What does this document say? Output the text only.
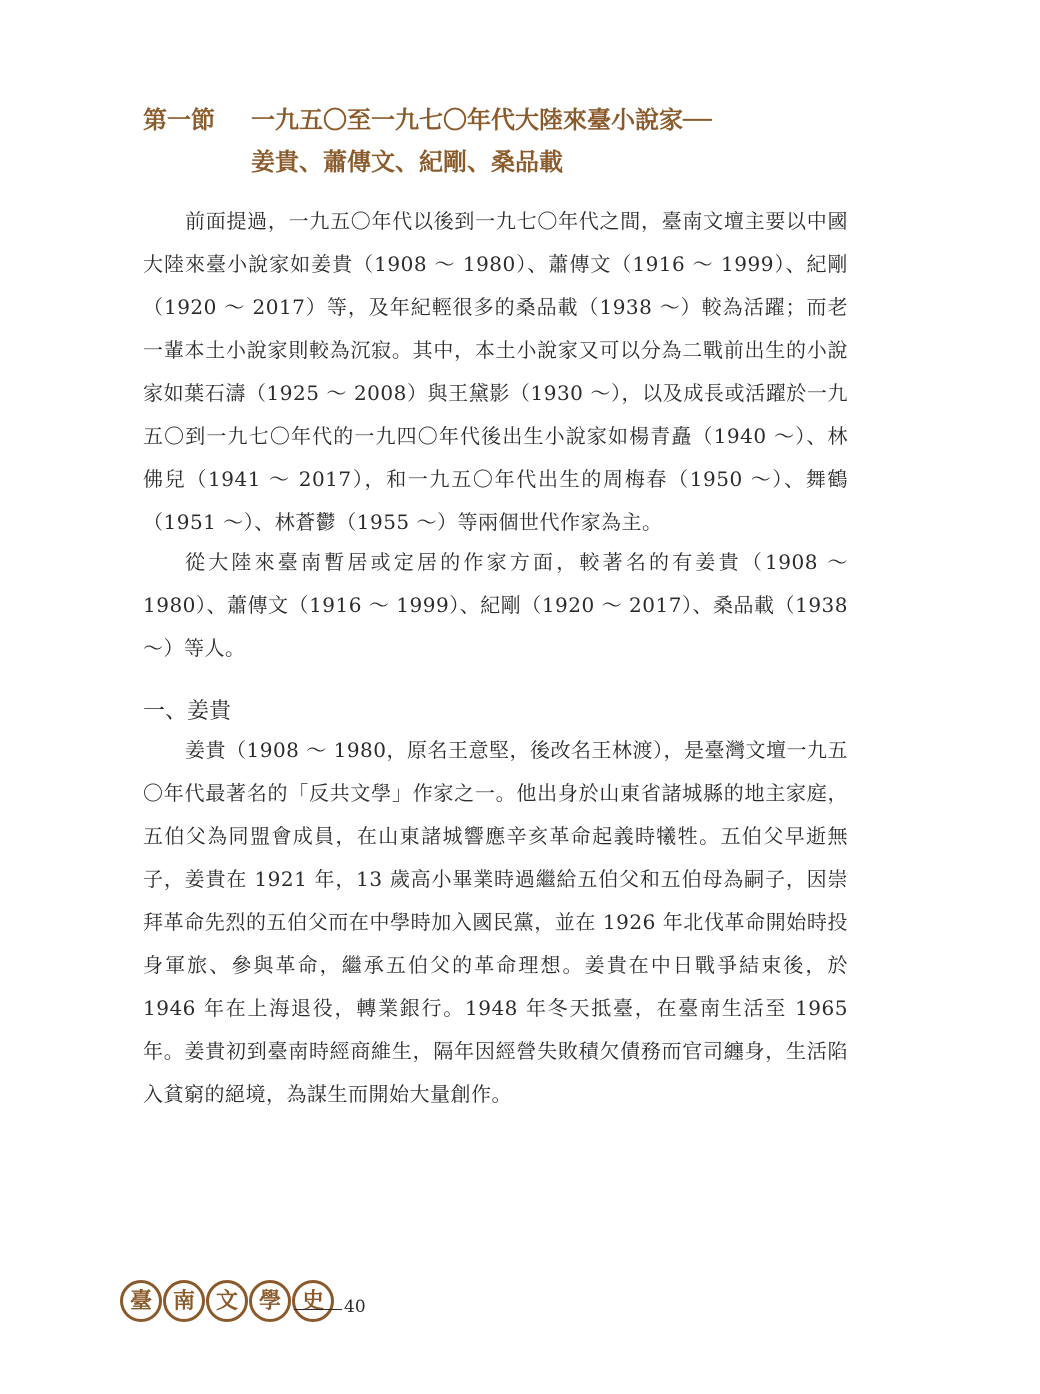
第一節	一九五〇至一九七〇年代大陸來臺小說家──
姜貴、蕭傳文、紀剛、桑品載

前面提過，一九五〇年代以後到一九七〇年代之間，臺南文壇主要以中國大陸來臺小說家如姜貴（1908 ～ 1980）、蕭傳文（1916 ～ 1999）、紀剛（1920 ～ 2017）等，及年紀輕很多的桑品載（1938 ～）較為活躍；而老一輩本土小說家則較為沉寂。其中，本土小說家又可以分為二戰前出生的小說家如葉石濤（1925 ～ 2008）與王黛影（1930 ～），以及成長或活躍於一九五〇到一九七〇年代的一九四〇年代後出生小說家如楊青矗（1940 ～）、林佛兒（1941 ～ 2017），和一九五〇年代出生的周梅春（1950 ～）、舞鶴（1951 ～）、林蒼鬱（1955 ～）等兩個世代作家為主。

從大陸來臺南暫居或定居的作家方面，較著名的有姜貴（1908 ～ 1980）、蕭傳文（1916 ～ 1999）、紀剛（1920 ～ 2017）、桑品載（1938 ～）等人。

一、姜貴

姜貴（1908 ～ 1980，原名王意堅，後改名王林渡），是臺灣文壇一九五〇年代最著名的「反共文學」作家之一。他出身於山東省諸城縣的地主家庭，五伯父為同盟會成員，在山東諸城響應辛亥革命起義時犧牲。五伯父早逝無子，姜貴在 1921 年，13 歲高小畢業時過繼給五伯父和五伯母為嗣子，因崇拜革命先烈的五伯父而在中學時加入國民黨，並在 1926 年北伐革命開始時投身軍旅、參與革命，繼承五伯父的革命理想。姜貴在中日戰爭結束後，於 1946 年在上海退役，轉業銀行。1948 年冬天抵臺，在臺南生活至 1965 年。姜貴初到臺南時經商維生，隔年因經營失敗積欠債務而官司纏身，生活陷入貧窮的絕境，為謀生而開始大量創作。

臺 南 文 學 史	40
